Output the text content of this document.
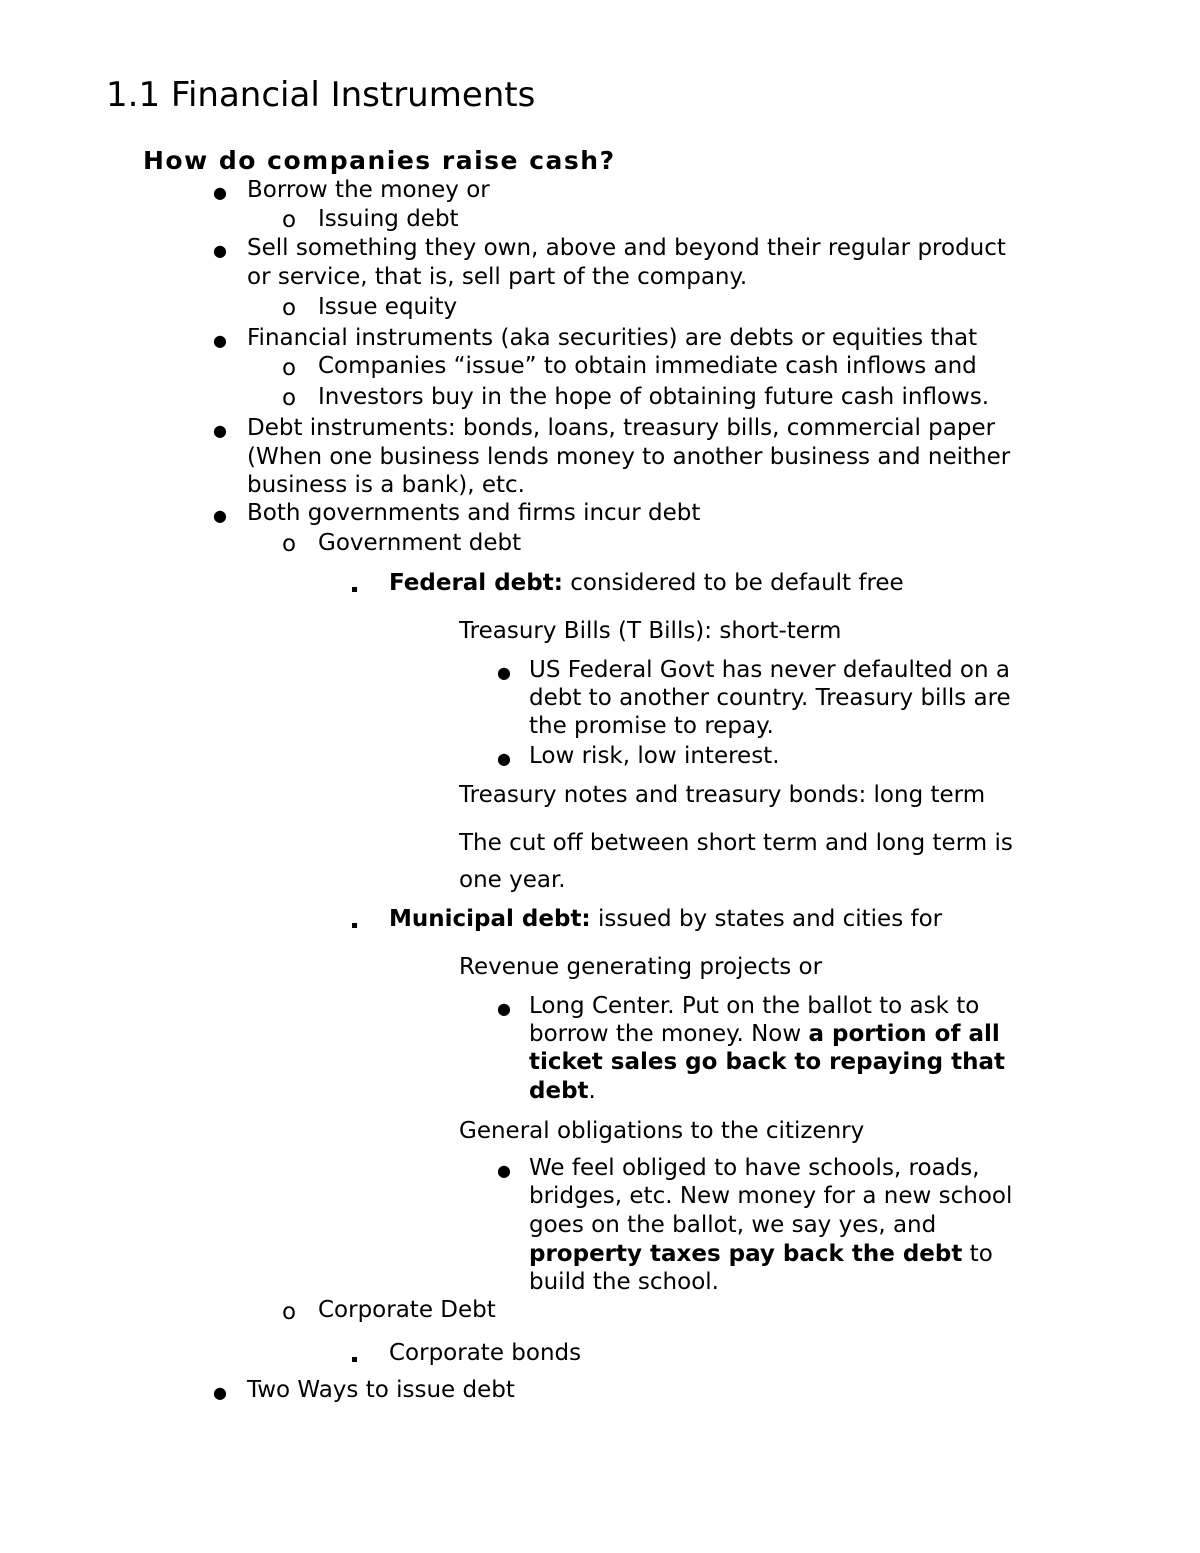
1.1 Financial Instruments
How do companies raise cash?
● Borrow the money or
o Issuing debt
● Sell something they own, above and beyond their regular product
or service, that is, sell part of the company.
o Issue equity
● Financial instruments (aka securities) are debts or equities that
o Companies “issue” to obtain immediate cash inflows and
o Investors buy in the hope of obtaining future cash inflows.
● Debt instruments: bonds, loans, treasury bills, commercial paper
(When one business lends money to another business and neither
business is a bank), etc.
● Both governments and firms incur debt
o Government debt
Federal debt: considered to be default free
Treasury Bills (T Bills): short-term
● US Federal Govt has never defaulted on a
debt to another country. Treasury bills are
the promise to repay.
● Low risk, low interest.
Treasury notes and treasury bonds: long term
The cut off between short term and long term is
one year.
Municipal debt: issued by states and cities for
Revenue generating projects or
● Long Center. Put on the ballot to ask to
borrow the money. Now a portion of all
ticket sales go back to repaying that
debt.
General obligations to the citizenry
● We feel obliged to have schools, roads,
bridges, etc. New money for a new school
goes on the ballot, we say yes, and
property taxes pay back the debt to
build the school.
o Corporate Debt
Corporate bonds
● Two Ways to issue debt
